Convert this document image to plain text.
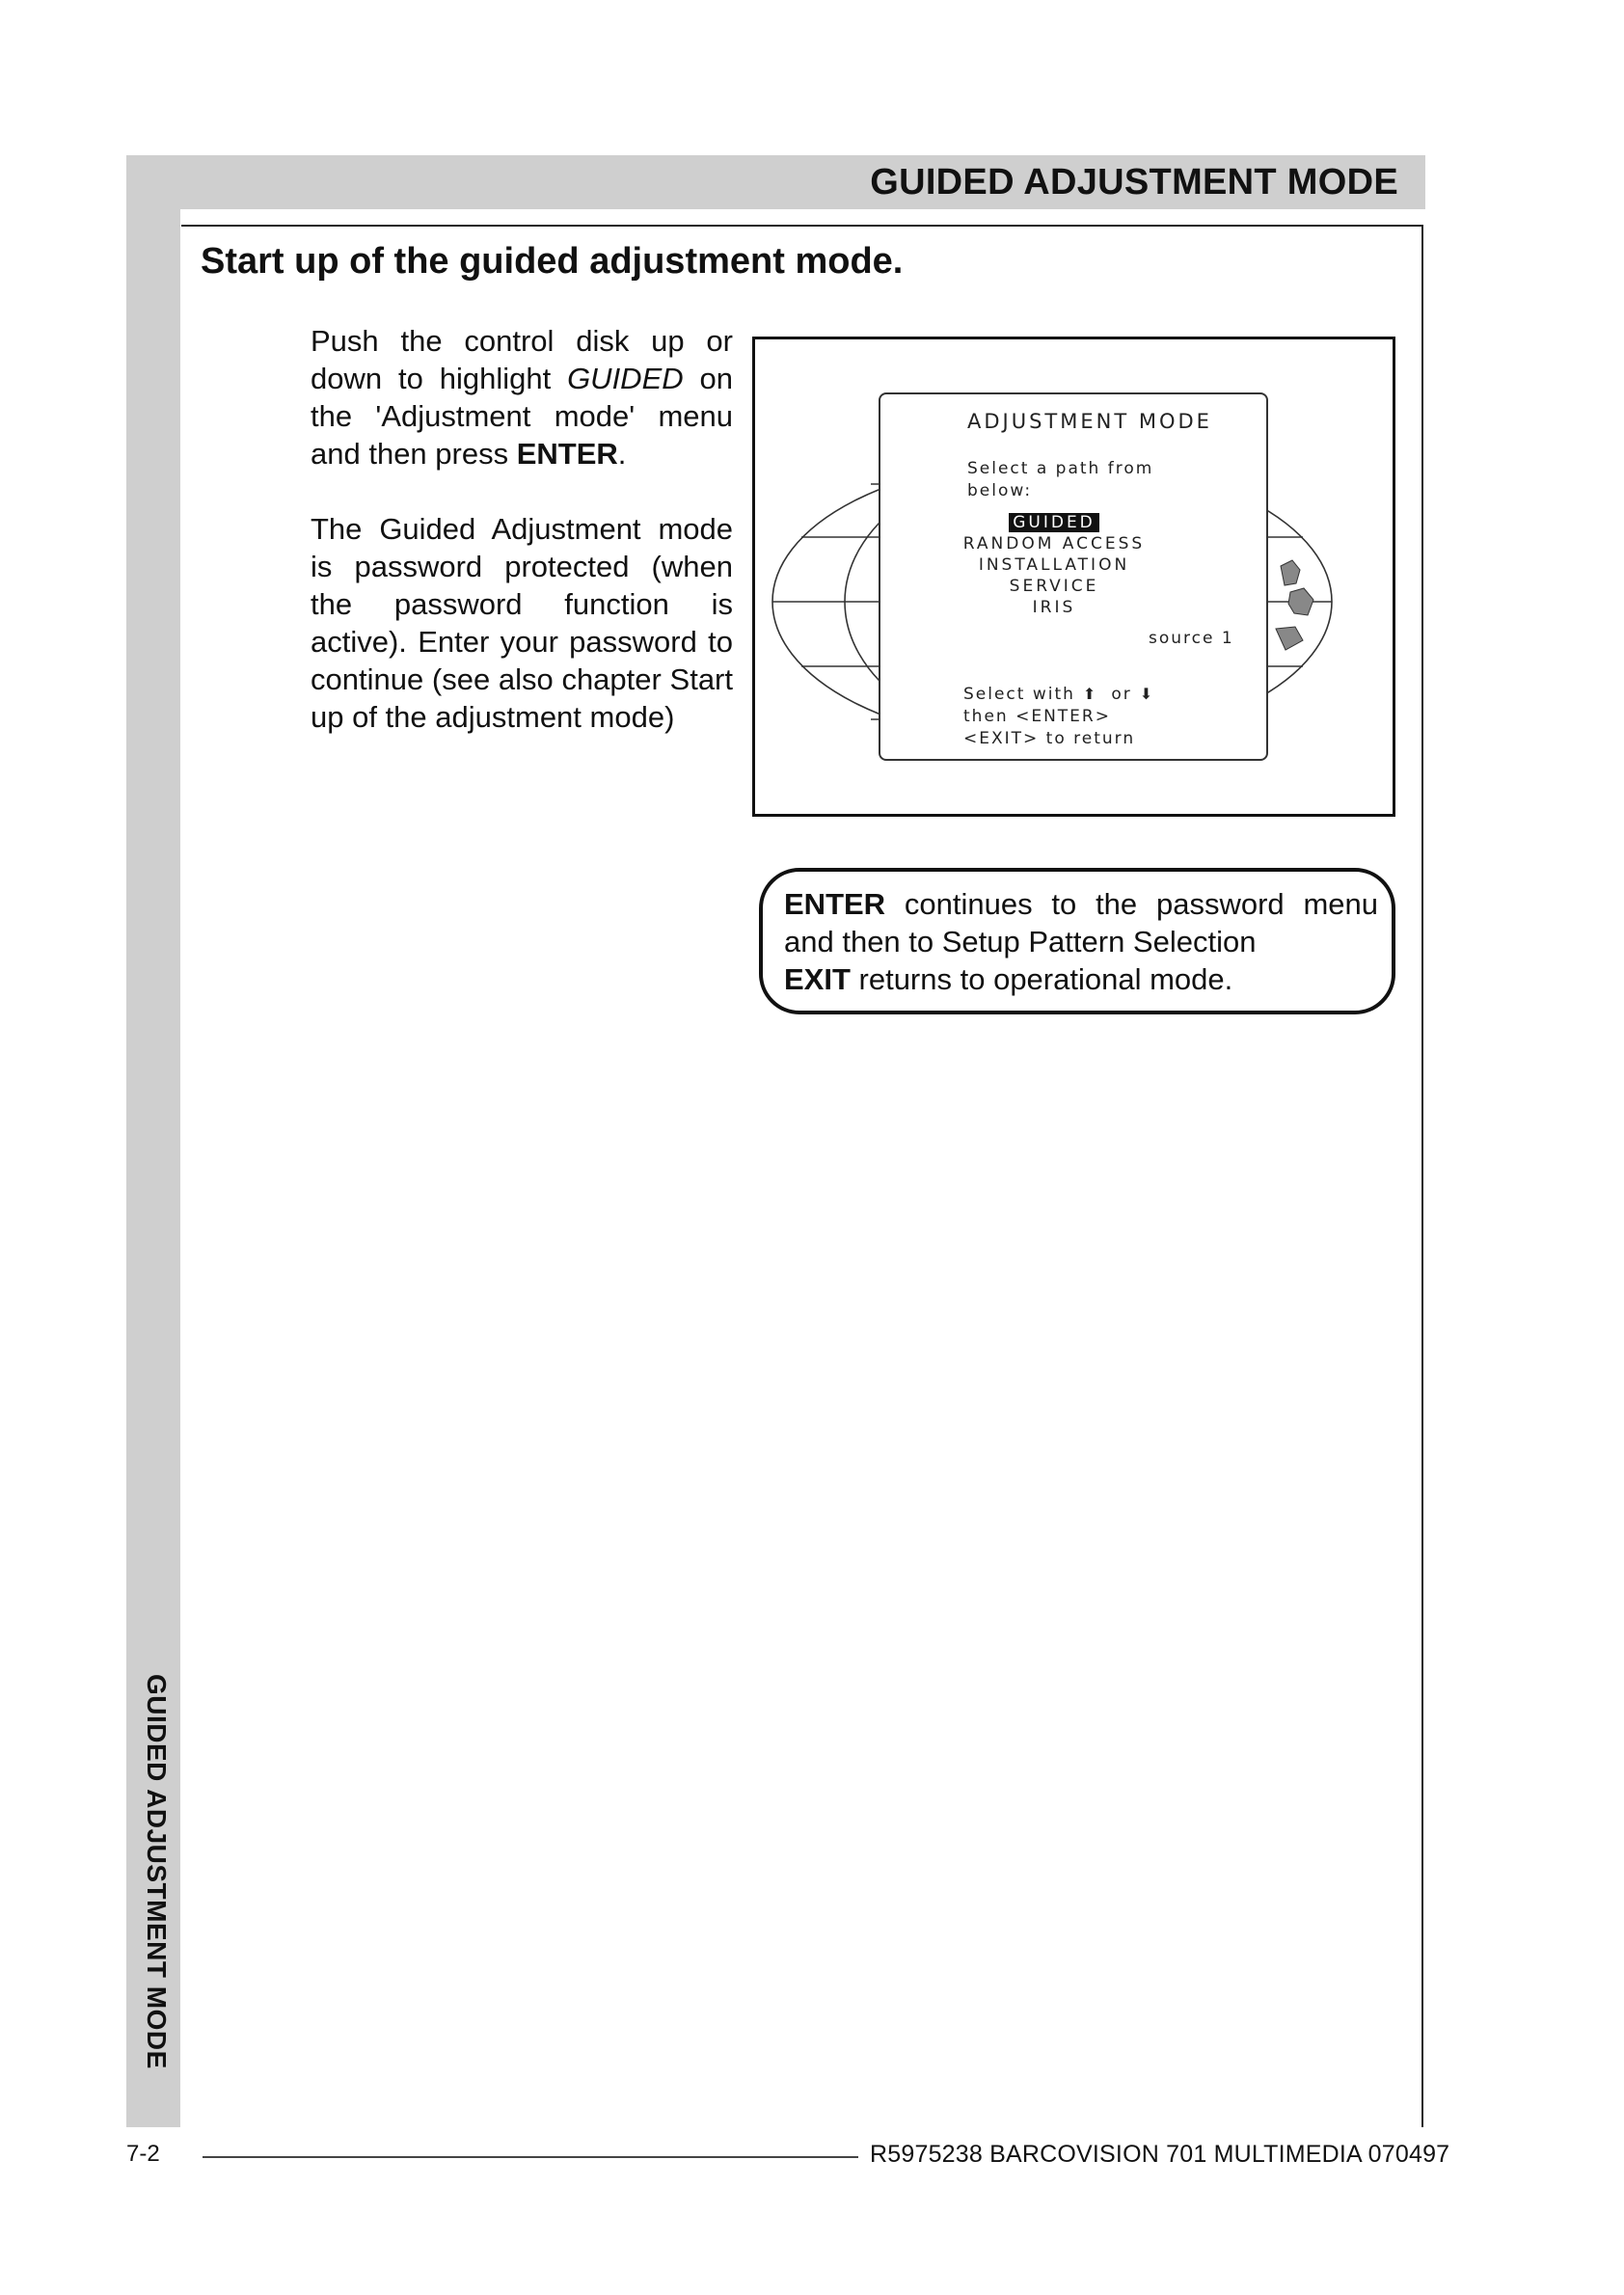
GUIDED ADJUSTMENT MODE
Start up of the guided adjustment mode.

Push the control disk up or down to highlight GUIDED on the 'Adjustment mode' menu and then press ENTER.

The Guided Adjustment mode is password protected (when the password function is active). Enter your password to continue (see also chapter Start up of the adjustment mode)

ADJUSTMENT MODE
Select a path from
below:
GUIDED
RANDOM ACCESS
INSTALLATION
SERVICE
IRIS
source 1
Select with ⬆ or ⬇
then <ENTER>
<EXIT> to return
ENTER continues to the password menu
and then to Setup Pattern Selection
EXIT returns to operational mode.
GUIDED ADJUSTMENT MODE
7-2	R5975238 BARCOVISION 701 MULTIMEDIA 070497
